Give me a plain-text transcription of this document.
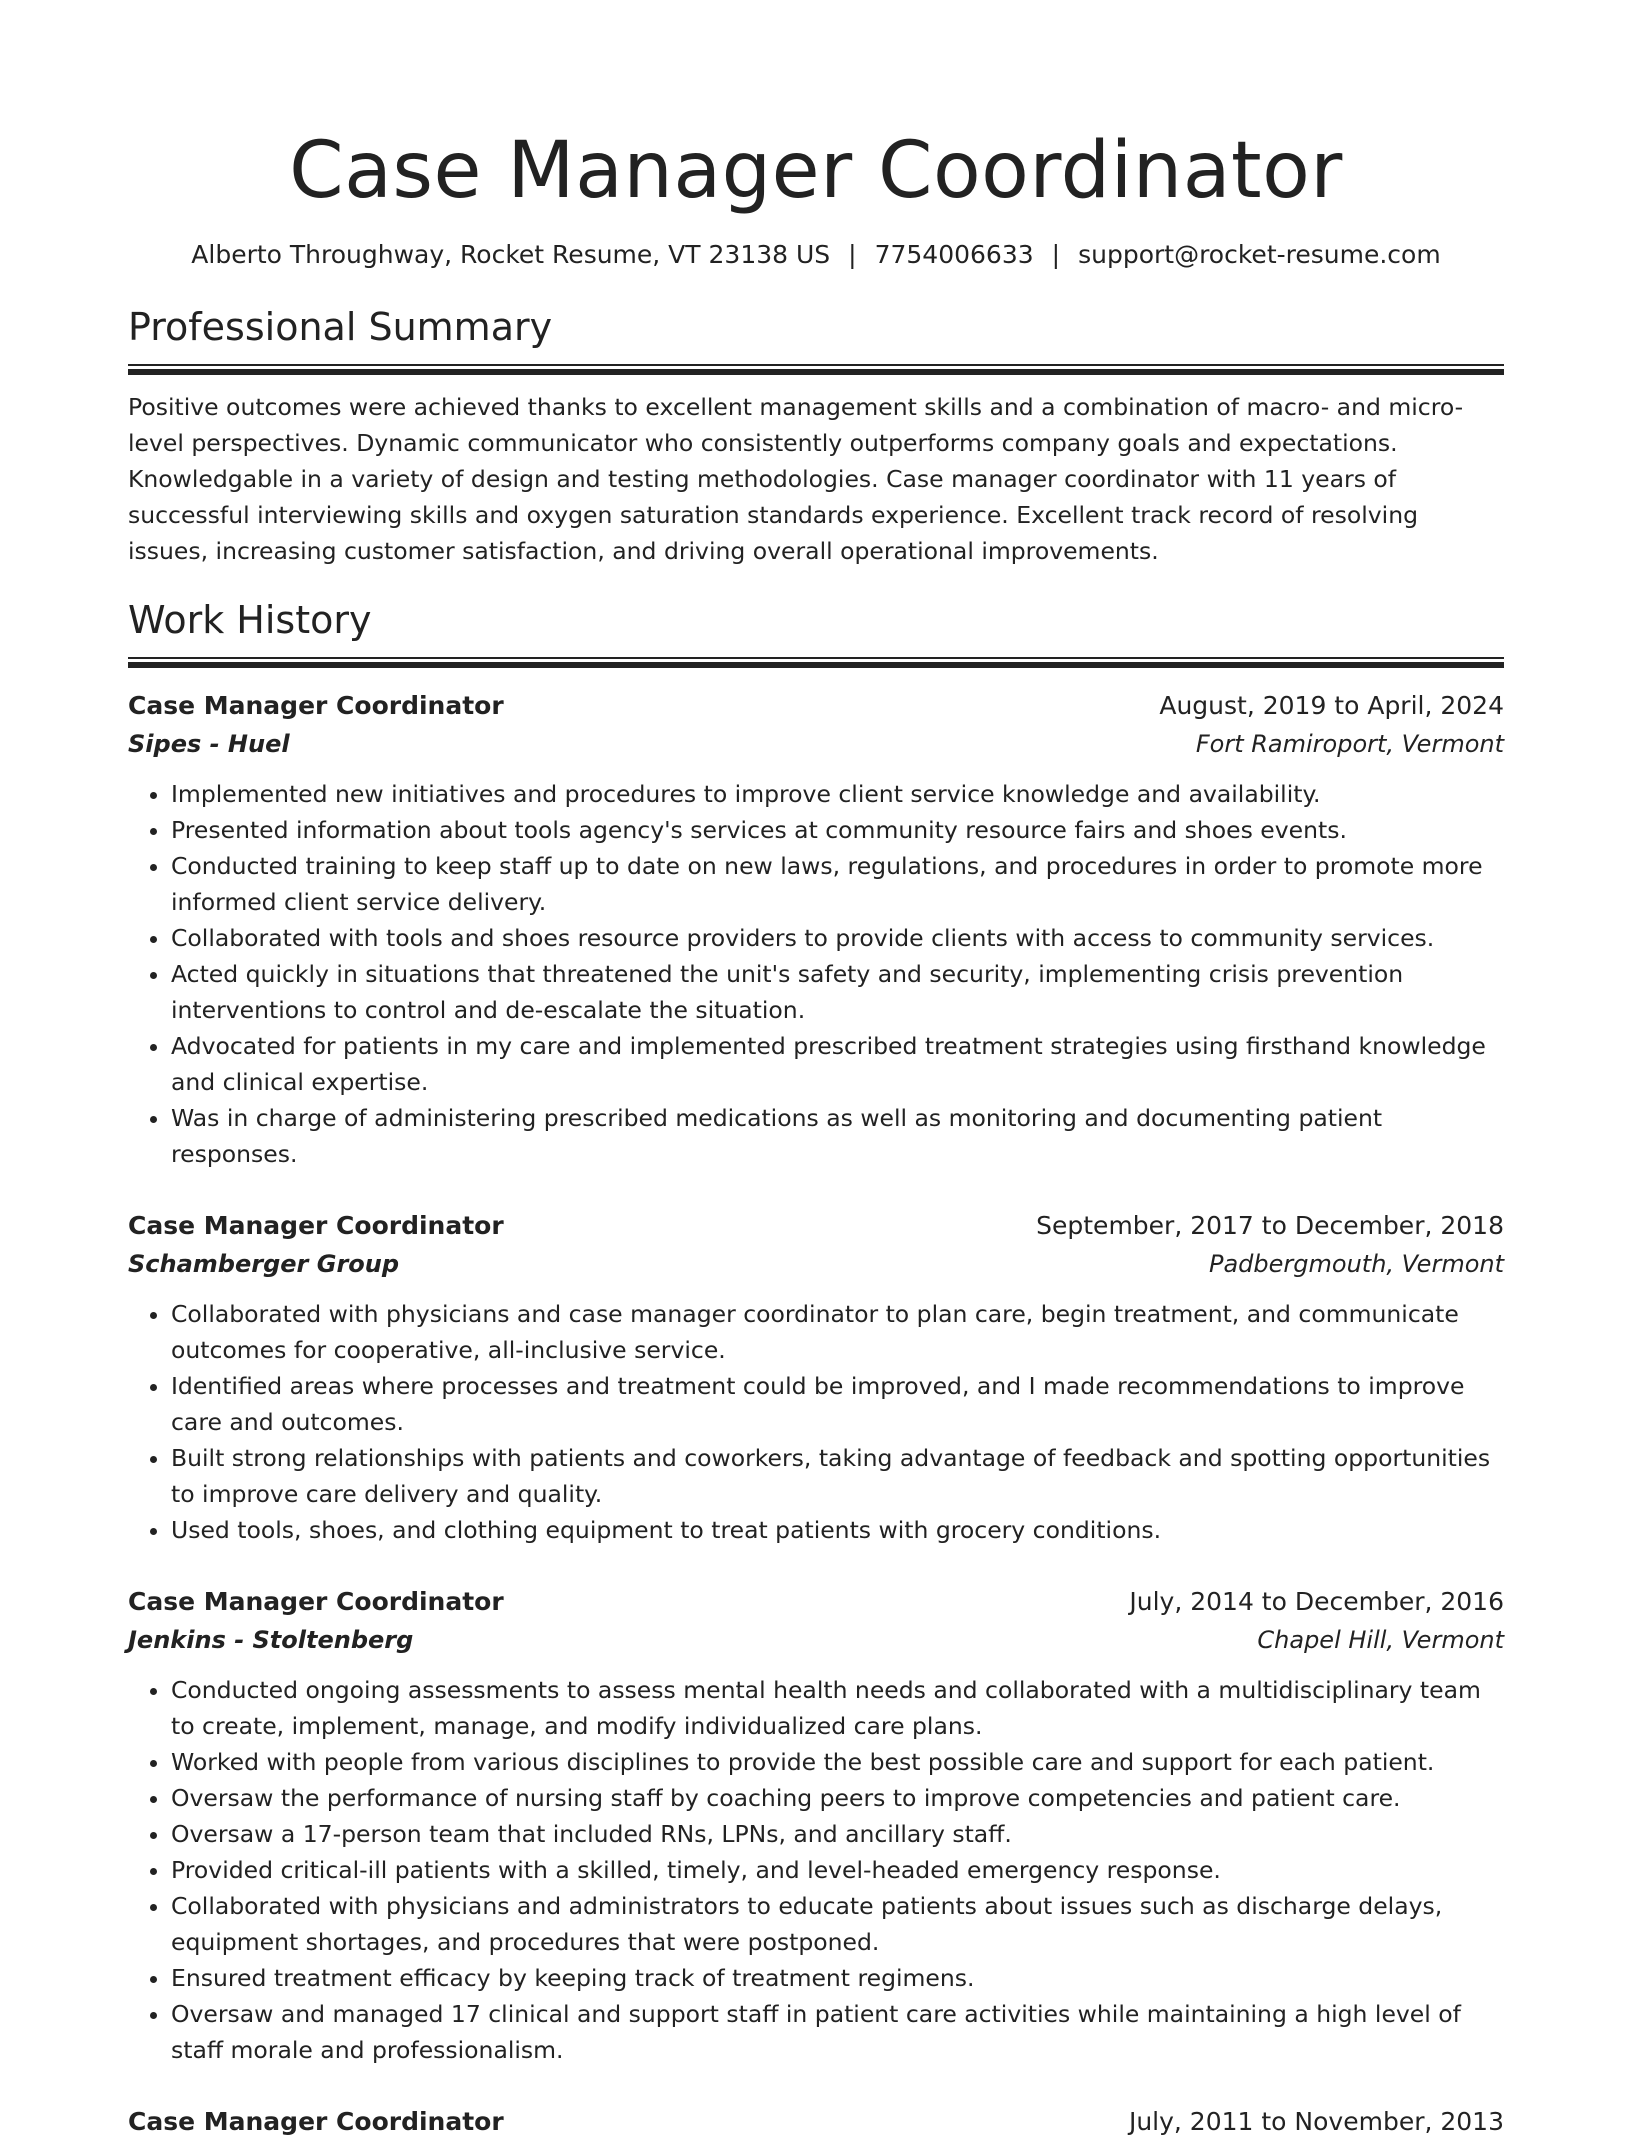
Case Manager Coordinator
Alberto Throughway, Rocket Resume, VT 23138 US | 7754006633 | support@rocket-resume.com
Professional Summary

Positive outcomes were achieved thanks to excellent management skills and a combination of macro- and micro-level perspectives. Dynamic communicator who consistently outperforms company goals and expectations. Knowledgable in a variety of design and testing methodologies. Case manager coordinator with 11 years of successful interviewing skills and oxygen saturation standards experience. Excellent track record of resolving issues, increasing customer satisfaction, and driving overall operational improvements.

Work History
Case Manager Coordinator	August, 2019 to April, 2024
Sipes - Huel	Fort Ramiroport, Vermont
• Implemented new initiatives and procedures to improve client service knowledge and availability.
• Presented information about tools agency's services at community resource fairs and shoes events.
• Conducted training to keep staff up to date on new laws, regulations, and procedures in order to promote more informed client service delivery.
• Collaborated with tools and shoes resource providers to provide clients with access to community services.
• Acted quickly in situations that threatened the unit's safety and security, implementing crisis prevention interventions to control and de-escalate the situation.
• Advocated for patients in my care and implemented prescribed treatment strategies using firsthand knowledge and clinical expertise.
• Was in charge of administering prescribed medications as well as monitoring and documenting patient responses.
Case Manager Coordinator	September, 2017 to December, 2018
Schamberger Group	Padbergmouth, Vermont
• Collaborated with physicians and case manager coordinator to plan care, begin treatment, and communicate outcomes for cooperative, all-inclusive service.
• Identified areas where processes and treatment could be improved, and I made recommendations to improve care and outcomes.
• Built strong relationships with patients and coworkers, taking advantage of feedback and spotting opportunities to improve care delivery and quality.
• Used tools, shoes, and clothing equipment to treat patients with grocery conditions.
Case Manager Coordinator	July, 2014 to December, 2016
Jenkins - Stoltenberg	Chapel Hill, Vermont
• Conducted ongoing assessments to assess mental health needs and collaborated with a multidisciplinary team to create, implement, manage, and modify individualized care plans.
• Worked with people from various disciplines to provide the best possible care and support for each patient.
• Oversaw the performance of nursing staff by coaching peers to improve competencies and patient care.
• Oversaw a 17-person team that included RNs, LPNs, and ancillary staff.
• Provided critical-ill patients with a skilled, timely, and level-headed emergency response.
• Collaborated with physicians and administrators to educate patients about issues such as discharge delays, equipment shortages, and procedures that were postponed.
• Ensured treatment efficacy by keeping track of treatment regimens.
• Oversaw and managed 17 clinical and support staff in patient care activities while maintaining a high level of staff morale and professionalism.
Case Manager Coordinator	July, 2011 to November, 2013
